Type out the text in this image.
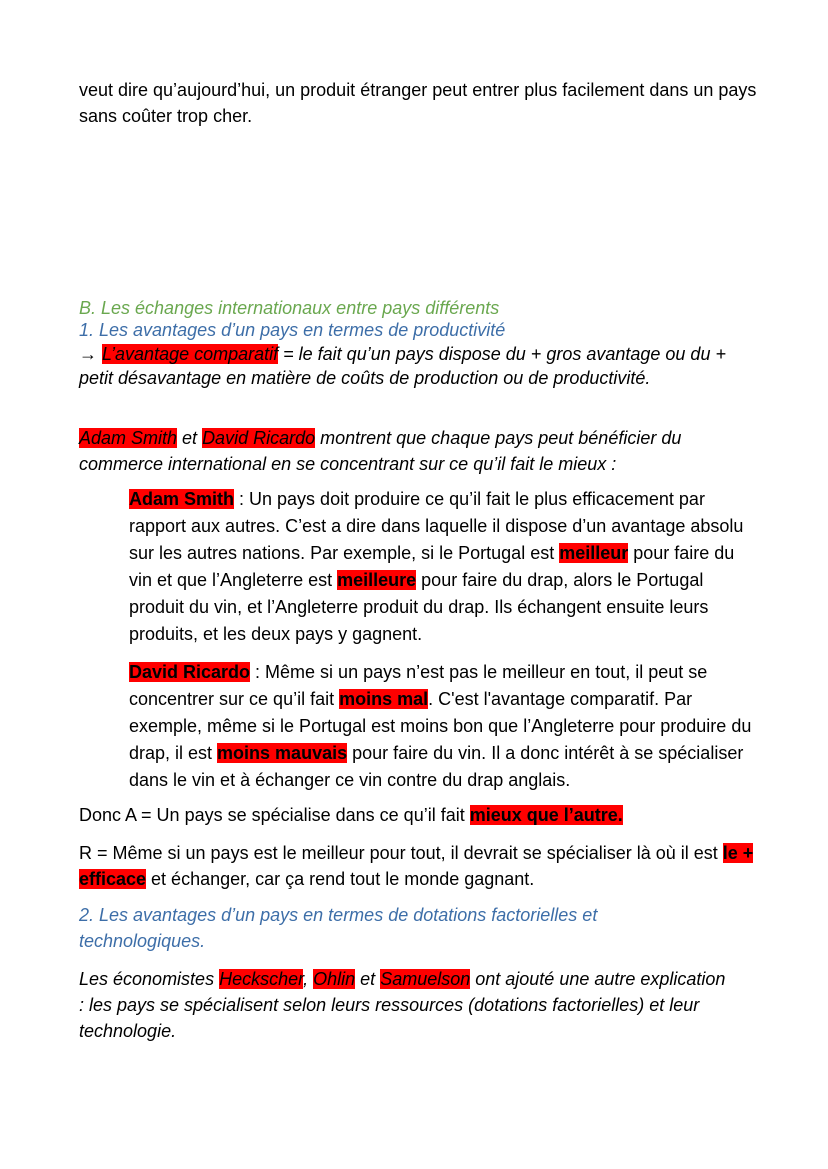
veut dire qu’aujourd’hui, un produit étranger peut entrer plus facilement dans un pays sans coûter trop cher.

B. Les échanges internationaux entre pays différents

1. Les avantages d’un pays en termes de productivité

→ L’avantage comparatif = le fait qu’un pays dispose du + gros avantage ou du + petit désavantage en matière de coûts de production ou de productivité.

Adam Smith et David Ricardo montrent que chaque pays peut bénéficier du commerce international en se concentrant sur ce qu’il fait le mieux :

Adam Smith : Un pays doit produire ce qu’il fait le plus efficacement par rapport aux autres. C’est a dire dans laquelle il dispose d’un avantage absolu sur les autres nations. Par exemple, si le Portugal est meilleur pour faire du vin et que l’Angleterre est meilleure pour faire du drap, alors le Portugal produit du vin, et l’Angleterre produit du drap. Ils échangent ensuite leurs produits, et les deux pays y gagnent.

David Ricardo : Même si un pays n’est pas le meilleur en tout, il peut se concentrer sur ce qu’il fait moins mal. C'est l'avantage comparatif. Par exemple, même si le Portugal est moins bon que l’Angleterre pour produire du drap, il est moins mauvais pour faire du vin. Il a donc intérêt à se spécialiser dans le vin et à échanger ce vin contre du drap anglais.

Donc A = Un pays se spécialise dans ce qu’il fait mieux que l’autre.

R = Même si un pays est le meilleur pour tout, il devrait se spécialiser là où il est le + efficace et échanger, car ça rend tout le monde gagnant.

2. Les avantages d’un pays en termes de dotations factorielles et technologiques.

Les économistes Heckscher, Ohlin et Samuelson ont ajouté une autre explication : les pays se spécialisent selon leurs ressources (dotations factorielles) et leur technologie.
